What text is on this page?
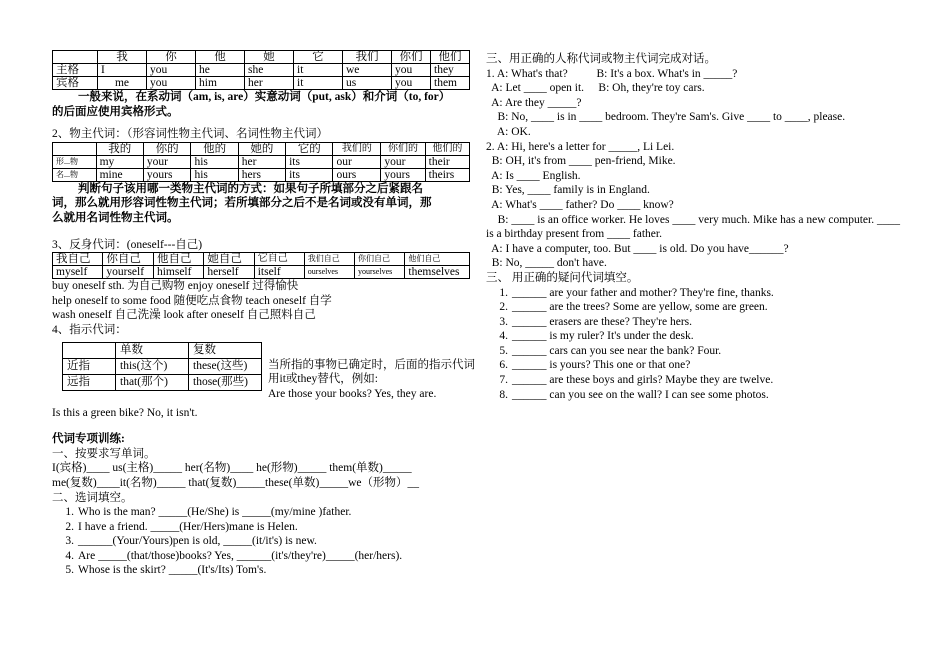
	我	你	他	她	它	我们	你们	他们
主格	I	you	he	she	it	we	you	they
宾格	me	you	him	her	it	us	you	them
一般来说，在系动词（am, is, are）实意动词（put, ask）和介词（to, for）
的后面应使用宾格形式。
2、物主代词：（形容词性物主代词、名词性物主代词）
	我的	你的	他的	她的	它的	我们的	你们的	他们的
形...物	my	your	his	her	its	our	your	their
名...物	mine	yours	his	hers	its	ours	yours	theirs
判断句子该用哪一类物主代词的方式：如果句子所填部分之后紧跟名
词，那么就用形容词性物主代词；若所填部分之后不是名词或没有单词，那
么就用名词性物主代词。
3、反身代词：(oneself---自己)
我自己	你自己	他自己	她自己	它自己	我们自己	你们自己	他们自己
myself	yourself	himself	herself	itself	ourselves	yourselves	themselves
buy oneself sth. 为自己购物 enjoy oneself 过得愉快
help oneself to some food 随便吃点食物 teach oneself 自学
wash oneself 自己洗澡 look after oneself 自己照料自己
4、指示代词：
	单数	复数
近指	this(这个)	these(这些)
远指	that(那个)	those(那些)
当所指的事物已确定时，后面的指示代词用it或they替代，例如:
Are those your books? Yes, they are.
Is this a green bike? No, it isn't.
代词专项训练:
一、按要求写单词。
I(宾格)____ us(主格)_____ her(名物)____ he(形物)_____ them(单数)_____
me(复数)____it(名物)_____ that(复数)_____these(单数)_____we（形物）__
二、选词填空。
1. Who is the man? _____(He/She) is _____(my/mine )father.
2. I have a friend. _____(Her/Hers)mane is Helen.
3. ______(Your/Yours)pen is old, _____(it/it's) is new.
4. Are _____(that/those)books? Yes, ______(it's/they're)_____(her/hers).
5. Whose is the skirt? _____(It's/Its) Tom's.
三、用正确的人称代词或物主代词完成对话。
1. A: What's that?          B: It's a box. What's in _____?
A: Let ____ open it.     B: Oh, they're toy cars.
A: Are they _____?
B: No, ____ is in ____ bedroom. They're Sam's. Give ____ to ____, please.
A: OK.
2. A: Hi, here's a letter for _____, Li Lei.
B: OH, it's from ____ pen-friend, Mike.
A: Is ____ English.
B: Yes, ____ family is in England.
A: What's ____ father? Do ____ know?
B: ____ is an office worker. He loves ____ very much. Mike has a new computer. ____ is a birthday present from ____ father.
A: I have a computer, too. But ____ is old. Do you have______?
B: No, _____ don't have.
三、 用正确的疑问代词填空。
1. ______ are your father and mother? They're fine, thanks.
2. ______ are the trees? Some are yellow, some are green.
3. ______ erasers are these? They're hers.
4. ______ is my ruler? It's under the desk.
5. ______ cars can you see near the bank? Four.
6. ______ is yours? This one or that one?
7. ______ are these boys and girls? Maybe they are twelve.
8. ______ can you see on the wall? I can see some photos.
